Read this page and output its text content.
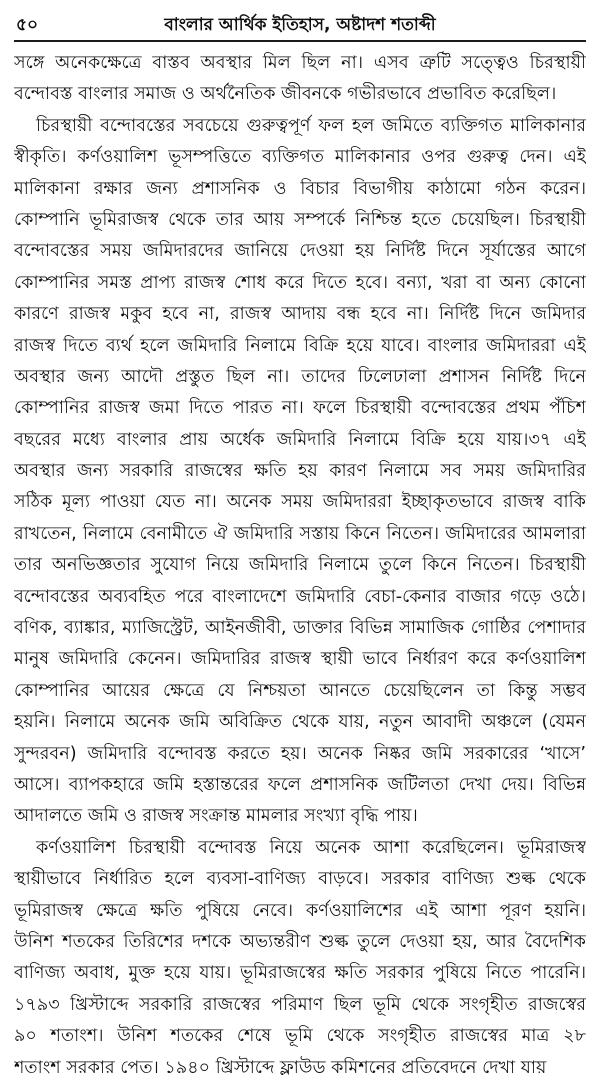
৫০	বাংলার আর্থিক ইতিহাস, অষ্টাদশ শতাব্দী

সঙ্গে অনেকক্ষেত্রে বাস্তব অবস্থার মিল ছিল না। এসব ত্রুটি সত্ত্বেও চিরস্থায়ী
বন্দোবস্ত বাংলার সমাজ ও অর্থনৈতিক জীবনকে গভীরভাবে প্রভাবিত করেছিল।

চিরস্থায়ী বন্দোবস্তের সবচেয়ে গুরুত্বপূর্ণ ফল হল জমিতে ব্যক্তিগত মালিকানার
স্বীকৃতি। কর্ণওয়ালিশ ভূসম্পত্তিতে ব্যক্তিগত মালিকানার ওপর গুরুত্ব দেন। এই
মালিকানা রক্ষার জন্য প্রশাসনিক ও বিচার বিভাগীয় কাঠামো গঠন করেন।
কোম্পানি ভূমিরাজস্ব থেকে তার আয় সম্পর্কে নিশ্চিন্ত হতে চেয়েছিল। চিরস্থায়ী
বন্দোবস্তের সময় জমিদারদের জানিয়ে দেওয়া হয় নির্দিষ্ট দিনে সূর্যাস্তের আগে
কোম্পানির সমস্ত প্রাপ্য রাজস্ব শোধ করে দিতে হবে। বন্যা, খরা বা অন্য কোনো
কারণে রাজস্ব মকুব হবে না, রাজস্ব আদায় বন্ধ হবে না। নির্দিষ্ট দিনে জমিদার
রাজস্ব দিতে ব্যর্থ হলে জমিদারি নিলামে বিক্রি হয়ে যাবে। বাংলার জমিদাররা এই
অবস্থার জন্য আদৌ প্রস্তুত ছিল না। তাদের ঢিলেঢালা প্রশাসন নির্দিষ্ট দিনে
কোম্পানির রাজস্ব জমা দিতে পারত না। ফলে চিরস্থায়ী বন্দোবস্তের প্রথম পঁচিশ
বছরের মধ্যে বাংলার প্রায় অর্ধেক জমিদারি নিলামে বিক্রি হয়ে যায়।৩৭ এই
অবস্থার জন্য সরকারি রাজস্বের ক্ষতি হয় কারণ নিলামে সব সময় জমিদারির
সঠিক মূল্য পাওয়া যেত না। অনেক সময় জমিদাররা ইচ্ছাকৃতভাবে রাজস্ব বাকি
রাখতেন, নিলামে বেনামীতে ঐ জমিদারি সস্তায় কিনে নিতেন। জমিদারের আমলারা
তার অনভিজ্ঞতার সুযোগ নিয়ে জমিদারি নিলামে তুলে কিনে নিতেন। চিরস্থায়ী
বন্দোবস্তের অব্যবহিত পরে বাংলাদেশে জমিদারি বেচা-কেনার বাজার গড়ে ওঠে।
বণিক, ব্যাঙ্কার, ম্যাজিস্ট্রেট, আইনজীবী, ডাক্তার বিভিন্ন সামাজিক গোষ্ঠির পেশাদার
মানুষ জমিদারি কেনেন। জমিদারির রাজস্ব স্থায়ী ভাবে নির্ধারণ করে কর্ণওয়ালিশ
কোম্পানির আয়ের ক্ষেত্রে যে নিশ্চয়তা আনতে চেয়েছিলেন তা কিন্তু সম্ভব
হয়নি। নিলামে অনেক জমি অবিক্রিত থেকে যায়, নতুন আবাদী অঞ্চলে (যেমন
সুন্দরবন) জমিদারি বন্দোবস্ত করতে হয়। অনেক নিষ্কর জমি সরকারের ‘খাসে’
আসে। ব্যাপকহারে জমি হস্তান্তরের ফলে প্রশাসনিক জটিলতা দেখা দেয়। বিভিন্ন
আদালতে জমি ও রাজস্ব সংক্রান্ত মামলার সংখ্যা বৃদ্ধি পায়।

কর্ণওয়ালিশ চিরস্থায়ী বন্দোবস্ত নিয়ে অনেক আশা করেছিলেন। ভূমিরাজস্ব
স্থায়ীভাবে নির্ধারিত হলে ব্যবসা-বাণিজ্য বাড়বে। সরকার বাণিজ্য শুল্ক থেকে
ভূমিরাজস্ব ক্ষেত্রে ক্ষতি পুষিয়ে নেবে। কর্ণওয়ালিশের এই আশা পূরণ হয়নি।
উনিশ শতকের তিরিশের দশকে অভ্যন্তরীণ শুল্ক তুলে দেওয়া হয়, আর বৈদেশিক
বাণিজ্য অবাধ, মুক্ত হয়ে যায়। ভূমিরাজস্বের ক্ষতি সরকার পুষিয়ে নিতে পারেনি।
১৭৯৩ খ্রিস্টাব্দে সরকারি রাজস্বের পরিমাণ ছিল ভূমি থেকে সংগৃহীত রাজস্বের
৯০ শতাংশ। উনিশ শতকের শেষে ভূমি থেকে সংগৃহীত রাজস্বের মাত্র ২৮
শতাংশ সরকার পেত। ১৯৪০ খ্রিস্টাব্দে ফ্লাউড কমিশনের প্রতিবেদনে দেখা যায়
